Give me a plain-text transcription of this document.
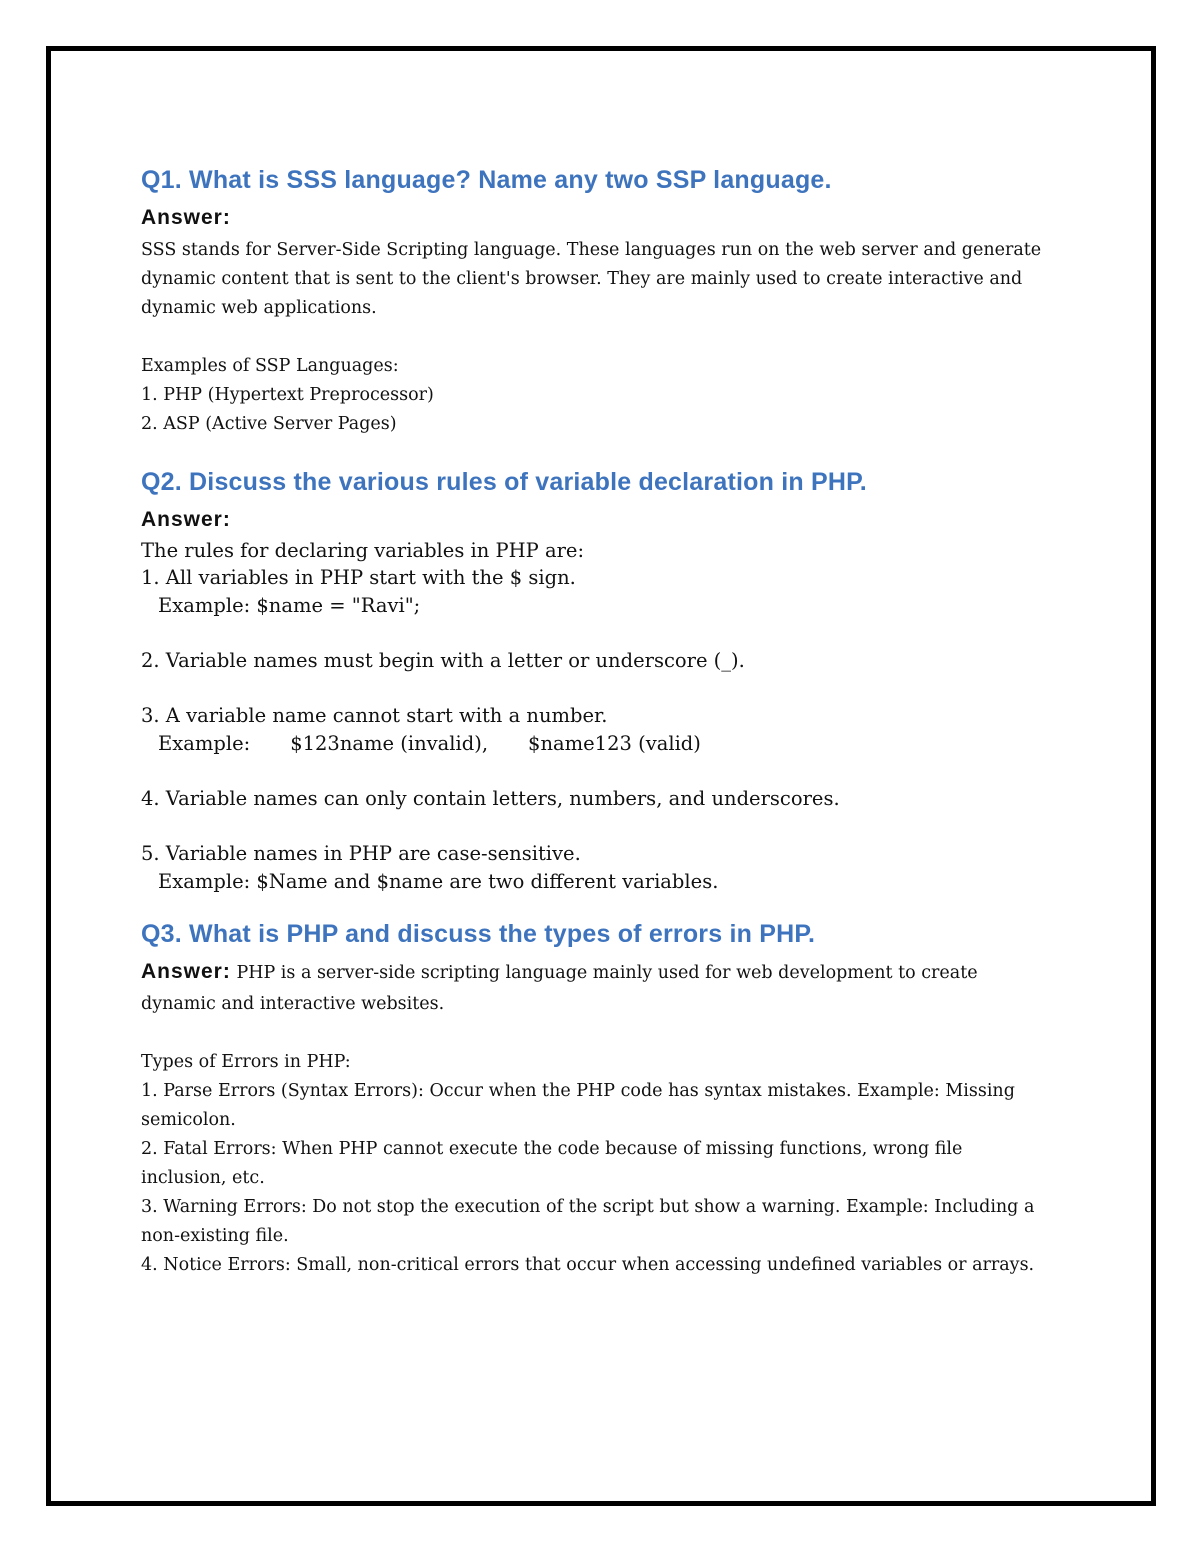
Q1. What is SSS language? Name any two SSP language.
Answer:
SSS stands for Server-Side Scripting language. These languages run on the web server and generate
dynamic content that is sent to the client's browser. They are mainly used to create interactive and
dynamic web applications.
Examples of SSP Languages:
1. PHP (Hypertext Preprocessor)
2. ASP (Active Server Pages)
Q2. Discuss the various rules of variable declaration in PHP.
Answer:
The rules for declaring variables in PHP are:
1. All variables in PHP start with the $ sign.
Example: $name = "Ravi";
2. Variable names must begin with a letter or underscore (_).
3. A variable name cannot start with a number.
Example: $123name (invalid), $name123 (valid)
4. Variable names can only contain letters, numbers, and underscores.
5. Variable names in PHP are case-sensitive.
Example: $Name and $name are two different variables.
Q3. What is PHP and discuss the types of errors in PHP.
Answer: PHP is a server-side scripting language mainly used for web development to create
dynamic and interactive websites.
Types of Errors in PHP:
1. Parse Errors (Syntax Errors): Occur when the PHP code has syntax mistakes. Example: Missing
semicolon.
2. Fatal Errors: When PHP cannot execute the code because of missing functions, wrong file
inclusion, etc.
3. Warning Errors: Do not stop the execution of the script but show a warning. Example: Including a
non-existing file.
4. Notice Errors: Small, non-critical errors that occur when accessing undefined variables or arrays.
